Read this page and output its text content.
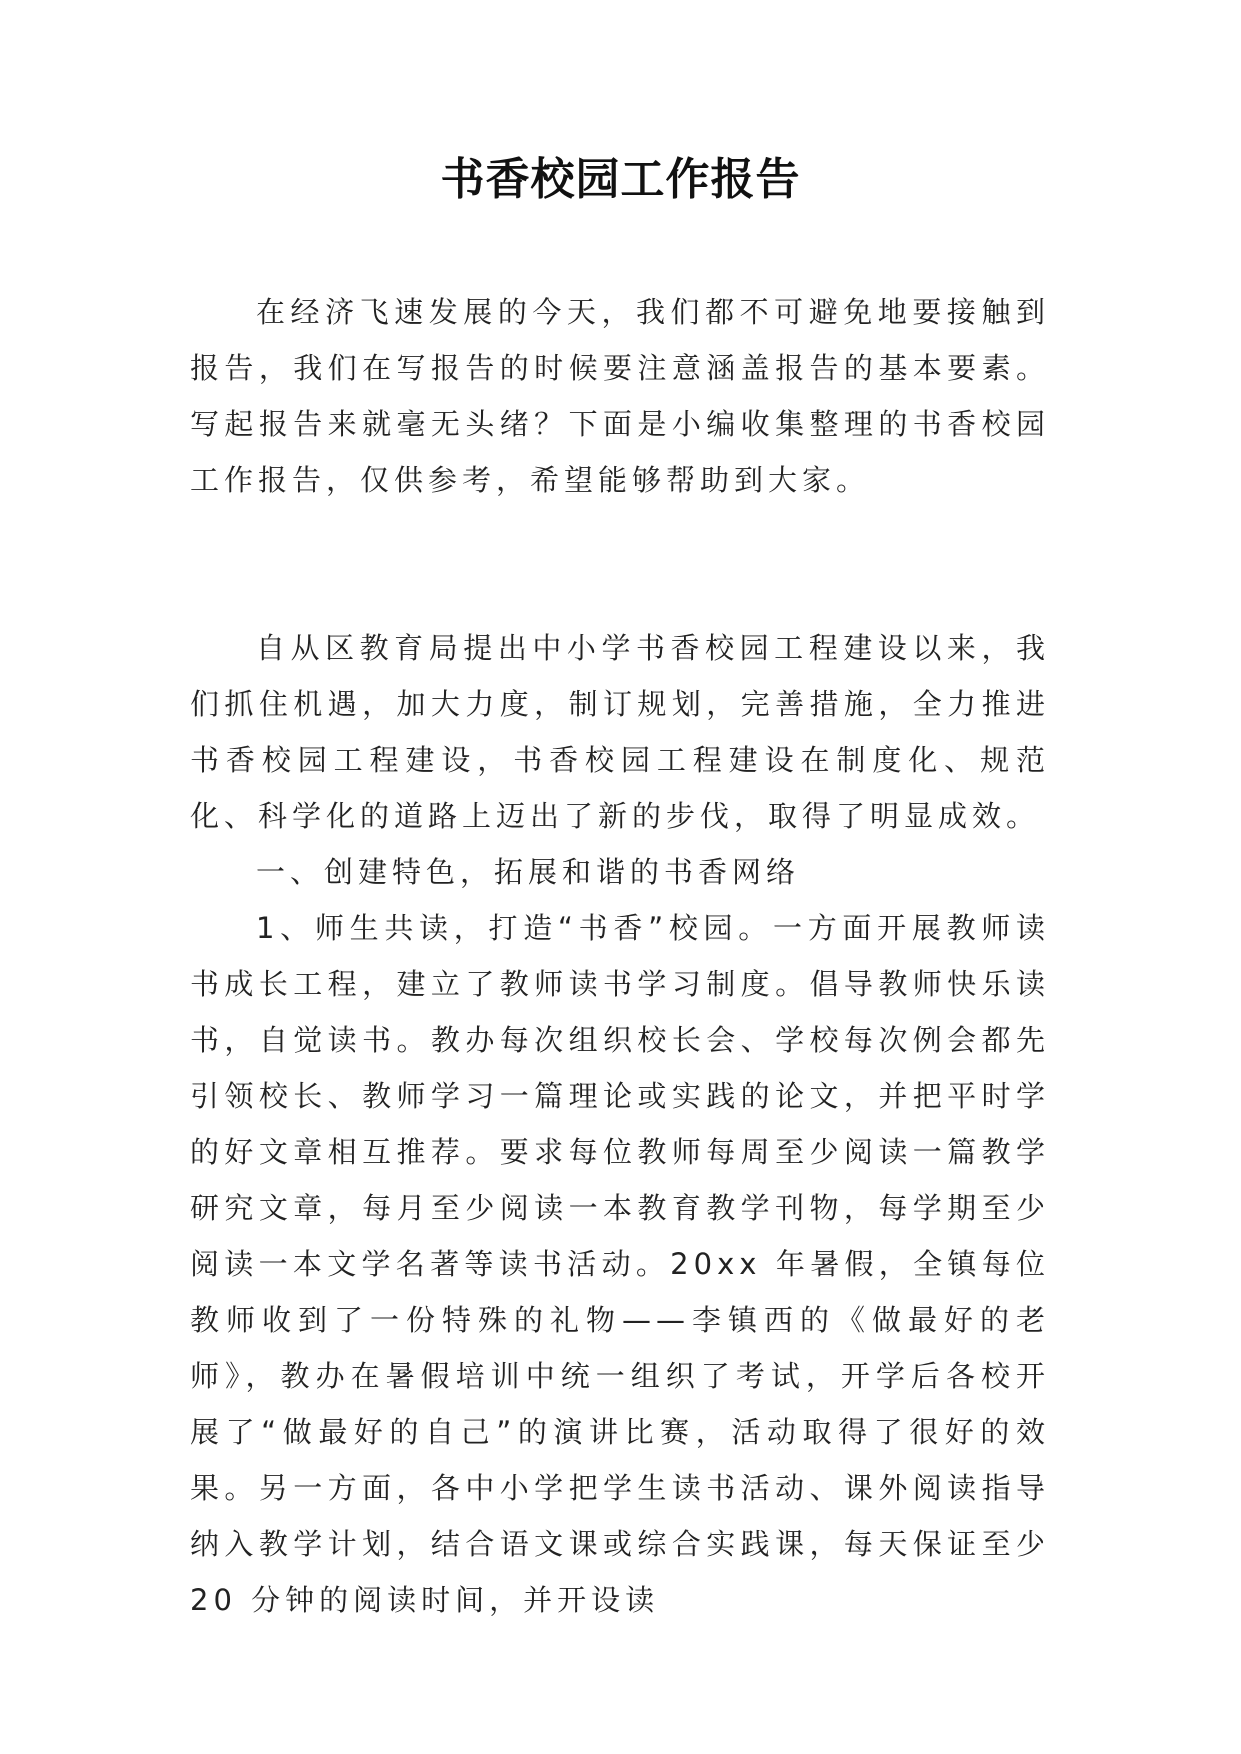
书香校园工作报告

在经济飞速发展的今天，我们都不可避免地要接触到报告，我们在写报告的时候要注意涵盖报告的基本要素。写起报告来就毫无头绪？下面是小编收集整理的书香校园工作报告，仅供参考，希望能够帮助到大家。

自从区教育局提出中小学书香校园工程建设以来，我们抓住机遇，加大力度，制订规划，完善措施，全力推进书香校园工程建设，书香校园工程建设在制度化、规范化、科学化的道路上迈出了新的步伐，取得了明显成效。

一、创建特色，拓展和谐的书香网络

1、师生共读，打造“书香”校园。一方面开展教师读书成长工程，建立了教师读书学习制度。倡导教师快乐读书，自觉读书。教办每次组织校长会、学校每次例会都先引领校长、教师学习一篇理论或实践的论文，并把平时学的好文章相互推荐。要求每位教师每周至少阅读一篇教学研究文章，每月至少阅读一本教育教学刊物，每学期至少阅读一本文学名著等读书活动。20xx 年暑假，全镇每位教师收到了一份特殊的礼物——李镇西的《做最好的老师》，教办在暑假培训中统一组织了考试，开学后各校开展了“做最好的自己”的演讲比赛，活动取得了很好的效果。另一方面，各中小学把学生读书活动、课外阅读指导纳入教学计划，结合语文课或综合实践课，每天保证至少 20 分钟的阅读时间，并开设读
